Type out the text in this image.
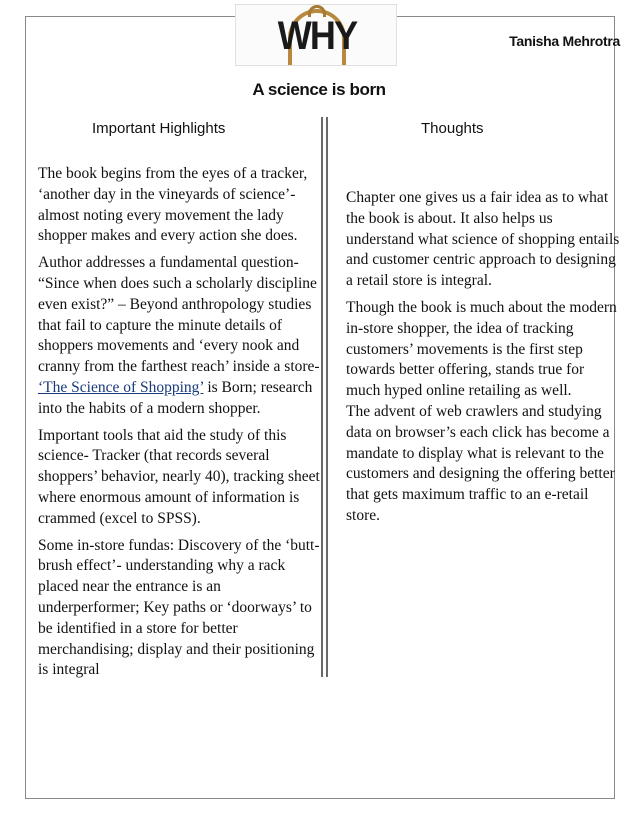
WHY	Tanisha Mehrotra
A science is born
Important Highlights	Thoughts

The book begins from the eyes of a tracker, ‘another day in the vineyards of science’- almost noting every movement the lady shopper makes and every action she does.

Author addresses a fundamental question- “Since when does such a scholarly discipline even exist?” – Beyond anthropology studies that fail to capture the minute details of shoppers movements and ‘every nook and cranny from the farthest reach’ inside a store- ‘The Science of Shopping’ is Born; research into the habits of a modern shopper.

Important tools that aid the study of this science- Tracker (that records several shoppers’ behavior, nearly 40), tracking sheet where enormous amount of information is crammed (excel to SPSS).

Some in-store fundas: Discovery of the ‘butt-brush effect’- understanding why a rack placed near the entrance is an underperformer; Key paths or ‘doorways’ to be identified in a store for better merchandising; display and their positioning is integral

Chapter one gives us a fair idea as to what the book is about. It also helps us understand what science of shopping entails and customer centric approach to designing a retail store is integral.

Though the book is much about the modern in-store shopper, the idea of tracking customers’ movements is the first step towards better offering, stands true for much hyped online retailing as well.

The advent of web crawlers and studying data on browser’s each click has become a mandate to display what is relevant to the customers and designing the offering better that gets maximum traffic to an e-retail store.
